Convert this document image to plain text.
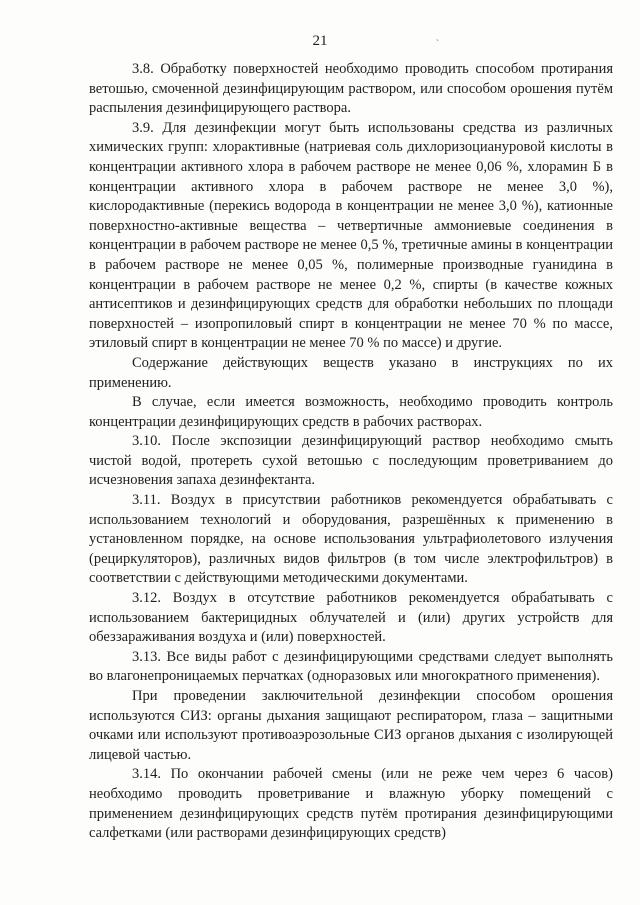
21	`

3.8. Обработку поверхностей необходимо проводить способом протирания ветошью, смоченной дезинфицирующим раствором, или способом орошения путём распыления дезинфицирующего раствора.

3.9. Для дезинфекции могут быть использованы средства из различных химических групп: хлорактивные (натриевая соль дихлоризоциануровой кислоты в концентрации активного хлора в рабочем растворе не менее 0,06 %, хлорамин Б в концентрации активного хлора в рабочем растворе не менее 3,0 %), кислородактивные (перекись водорода в концентрации не менее 3,0 %), катионные поверхностно-активные вещества – четвертичные аммониевые соединения в концентрации в рабочем растворе не менее 0,5 %, третичные амины в концентрации в рабочем растворе не менее 0,05 %, полимерные производные гуанидина в концентрации в рабочем растворе не менее 0,2 %, спирты (в качестве кожных антисептиков и дезинфицирующих средств для обработки небольших по площади поверхностей – изопропиловый спирт в концентрации не менее 70 % по массе, этиловый спирт в концентрации не менее 70 % по массе) и другие.

Содержание действующих веществ указано в инструкциях по их применению.

В случае, если имеется возможность, необходимо проводить контроль концентрации дезинфицирующих средств в рабочих растворах.

3.10. После экспозиции дезинфицирующий раствор необходимо смыть чистой водой, протереть сухой ветошью с последующим проветриванием до исчезновения запаха дезинфектанта.

3.11. Воздух в присутствии работников рекомендуется обрабатывать с использованием технологий и оборудования, разрешённых к применению в установленном порядке, на основе использования ультрафиолетового излучения (рециркуляторов), различных видов фильтров (в том числе электрофильтров) в соответствии с действующими методическими документами.

3.12. Воздух в отсутствие работников рекомендуется обрабатывать с использованием бактерицидных облучателей и (или) других устройств для обеззараживания воздуха и (или) поверхностей.

3.13. Все виды работ с дезинфицирующими средствами следует выполнять во влагонепроницаемых перчатках (одноразовых или многократного применения).

При проведении заключительной дезинфекции способом орошения используются СИЗ: органы дыхания защищают респиратором, глаза – защитными очками или используют противоаэрозольные СИЗ органов дыхания с изолирующей лицевой частью.

3.14. По окончании рабочей смены (или не реже чем через 6 часов) необходимо проводить проветривание и влажную уборку помещений с применением дезинфицирующих средств путём протирания дезинфицирующими салфетками (или растворами дезинфицирующих средств)
